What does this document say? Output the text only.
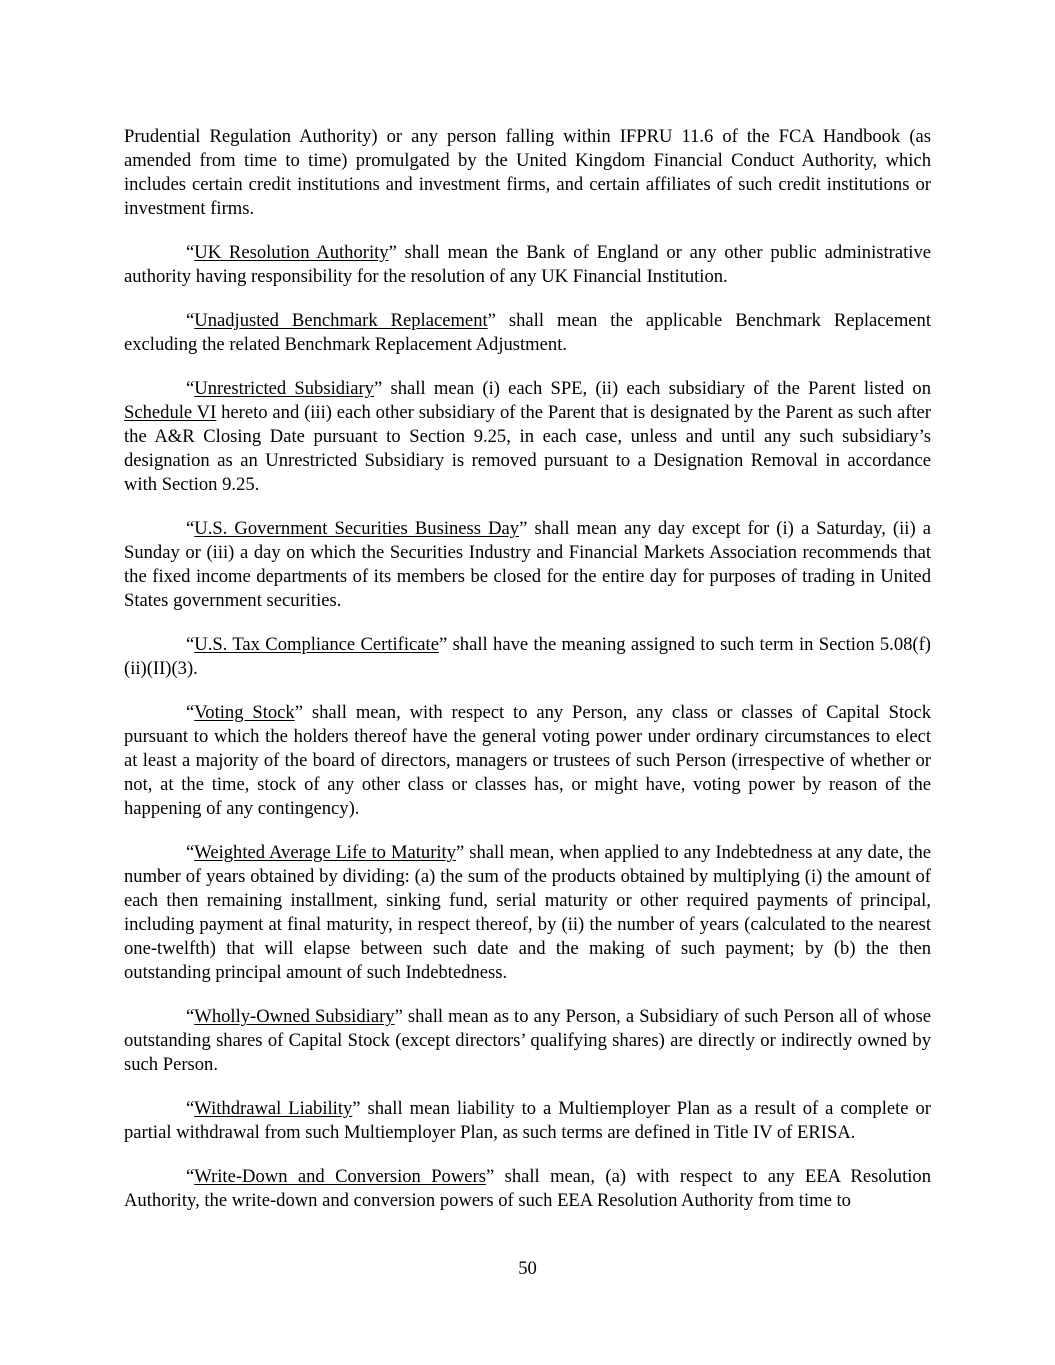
Prudential Regulation Authority) or any person falling within IFPRU 11.6 of the FCA Handbook (as amended from time to time) promulgated by the United Kingdom Financial Conduct Authority, which includes certain credit institutions and investment firms, and certain affiliates of such credit institutions or investment firms.

“UK Resolution Authority” shall mean the Bank of England or any other public administrative authority having responsibility for the resolution of any UK Financial Institution.

“Unadjusted Benchmark Replacement” shall mean the applicable Benchmark Replacement excluding the related Benchmark Replacement Adjustment.

“Unrestricted Subsidiary” shall mean (i) each SPE, (ii) each subsidiary of the Parent listed on Schedule VI hereto and (iii) each other subsidiary of the Parent that is designated by the Parent as such after the A&R Closing Date pursuant to Section 9.25, in each case, unless and until any such subsidiary’s designation as an Unrestricted Subsidiary is removed pursuant to a Designation Removal in accordance with Section 9.25.

“U.S. Government Securities Business Day” shall mean any day except for (i) a Saturday, (ii) a Sunday or (iii) a day on which the Securities Industry and Financial Markets Association recommends that the fixed income departments of its members be closed for the entire day for purposes of trading in United States government securities.

“U.S. Tax Compliance Certificate” shall have the meaning assigned to such term in Section 5.08(f)(ii)(II)(3).

“Voting Stock” shall mean, with respect to any Person, any class or classes of Capital Stock pursuant to which the holders thereof have the general voting power under ordinary circumstances to elect at least a majority of the board of directors, managers or trustees of such Person (irrespective of whether or not, at the time, stock of any other class or classes has, or might have, voting power by reason of the happening of any contingency).

“Weighted Average Life to Maturity” shall mean, when applied to any Indebtedness at any date, the number of years obtained by dividing: (a) the sum of the products obtained by multiplying (i) the amount of each then remaining installment, sinking fund, serial maturity or other required payments of principal, including payment at final maturity, in respect thereof, by (ii) the number of years (calculated to the nearest one-twelfth) that will elapse between such date and the making of such payment; by (b) the then outstanding principal amount of such Indebtedness.

“Wholly-Owned Subsidiary” shall mean as to any Person, a Subsidiary of such Person all of whose outstanding shares of Capital Stock (except directors’ qualifying shares) are directly or indirectly owned by such Person.

“Withdrawal Liability” shall mean liability to a Multiemployer Plan as a result of a complete or partial withdrawal from such Multiemployer Plan, as such terms are defined in Title IV of ERISA.

“Write-Down and Conversion Powers” shall mean, (a) with respect to any EEA Resolution Authority, the write-down and conversion powers of such EEA Resolution Authority from time to

50
